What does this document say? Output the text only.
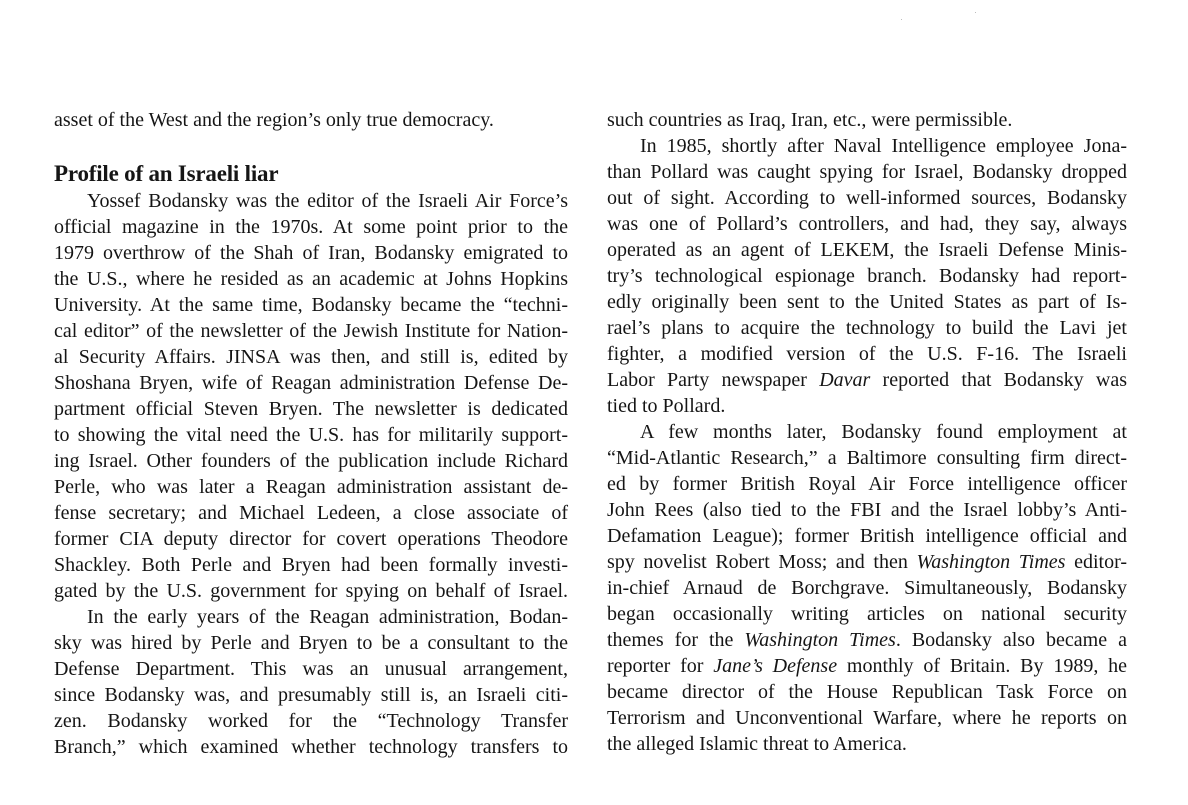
asset of the West and the region’s only true democracy.
Profile of an Israeli liar
Yossef Bodansky was the editor of the Israeli Air Force’s
official magazine in the 1970s. At some point prior to the
1979 overthrow of the Shah of Iran, Bodansky emigrated to
the U.S., where he resided as an academic at Johns Hopkins
University. At the same time, Bodansky became the “techni-
cal editor” of the newsletter of the Jewish Institute for Nation-
al Security Affairs. JINSA was then, and still is, edited by
Shoshana Bryen, wife of Reagan administration Defense De-
partment official Steven Bryen. The newsletter is dedicated
to showing the vital need the U.S. has for militarily support-
ing Israel. Other founders of the publication include Richard
Perle, who was later a Reagan administration assistant de-
fense secretary; and Michael Ledeen, a close associate of
former CIA deputy director for covert operations Theodore
Shackley. Both Perle and Bryen had been formally investi-
gated by the U.S. government for spying on behalf of Israel.
In the early years of the Reagan administration, Bodan-
sky was hired by Perle and Bryen to be a consultant to the
Defense Department. This was an unusual arrangement,
since Bodansky was, and presumably still is, an Israeli citi-
zen. Bodansky worked for the “Technology Transfer
Branch,” which examined whether technology transfers to
such countries as Iraq, Iran, etc., were permissible.
In 1985, shortly after Naval Intelligence employee Jona-
than Pollard was caught spying for Israel, Bodansky dropped
out of sight. According to well-informed sources, Bodansky
was one of Pollard’s controllers, and had, they say, always
operated as an agent of LEKEM, the Israeli Defense Minis-
try’s technological espionage branch. Bodansky had report-
edly originally been sent to the United States as part of Is-
rael’s plans to acquire the technology to build the Lavi jet
fighter, a modified version of the U.S. F-16. The Israeli
Labor Party newspaper Davar reported that Bodansky was
tied to Pollard.
A few months later, Bodansky found employment at
“Mid-Atlantic Research,” a Baltimore consulting firm direct-
ed by former British Royal Air Force intelligence officer
John Rees (also tied to the FBI and the Israel lobby’s Anti-
Defamation League); former British intelligence official and
spy novelist Robert Moss; and then Washington Times editor-
in-chief Arnaud de Borchgrave. Simultaneously, Bodansky
began occasionally writing articles on national security
themes for the Washington Times. Bodansky also became a
reporter for Jane’s Defense monthly of Britain. By 1989, he
became director of the House Republican Task Force on
Terrorism and Unconventional Warfare, where he reports on
the alleged Islamic threat to America.
